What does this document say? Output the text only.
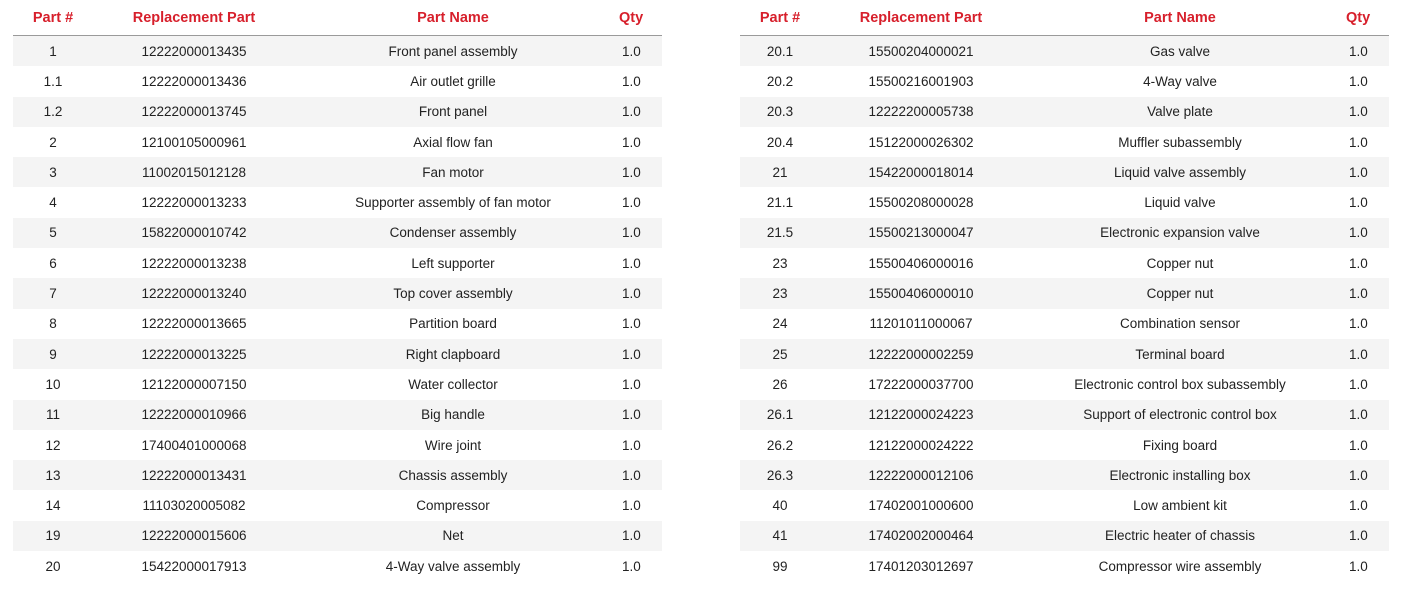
Part #	Replacement Part	Part Name	Qty
1	12222000013435	Front panel assembly	1.0
1.1	12222000013436	Air outlet grille	1.0
1.2	12222000013745	Front panel	1.0
2	12100105000961	Axial flow fan	1.0
3	11002015012128	Fan motor	1.0
4	12222000013233	Supporter assembly of fan motor	1.0
5	15822000010742	Condenser assembly	1.0
6	12222000013238	Left supporter	1.0
7	12222000013240	Top cover assembly	1.0
8	12222000013665	Partition board	1.0
9	12222000013225	Right clapboard	1.0
10	12122000007150	Water collector	1.0
11	12222000010966	Big handle	1.0
12	17400401000068	Wire joint	1.0
13	12222000013431	Chassis assembly	1.0
14	11103020005082	Compressor	1.0
19	12222000015606	Net	1.0
20	15422000017913	4-Way valve assembly	1.0
Part #	Replacement Part	Part Name	Qty
20.1	15500204000021	Gas valve	1.0
20.2	15500216001903	4-Way valve	1.0
20.3	12222200005738	Valve plate	1.0
20.4	15122000026302	Muffler subassembly	1.0
21	15422000018014	Liquid valve assembly	1.0
21.1	15500208000028	Liquid valve	1.0
21.5	15500213000047	Electronic expansion valve	1.0
23	15500406000016	Copper nut	1.0
23	15500406000010	Copper nut	1.0
24	11201011000067	Combination sensor	1.0
25	12222000002259	Terminal board	1.0
26	17222000037700	Electronic control box subassembly	1.0
26.1	12122000024223	Support of electronic control box	1.0
26.2	12122000024222	Fixing board	1.0
26.3	12222000012106	Electronic installing box	1.0
40	17402001000600	Low ambient kit	1.0
41	17402002000464	Electric heater of chassis	1.0
99	17401203012697	Compressor wire assembly	1.0
